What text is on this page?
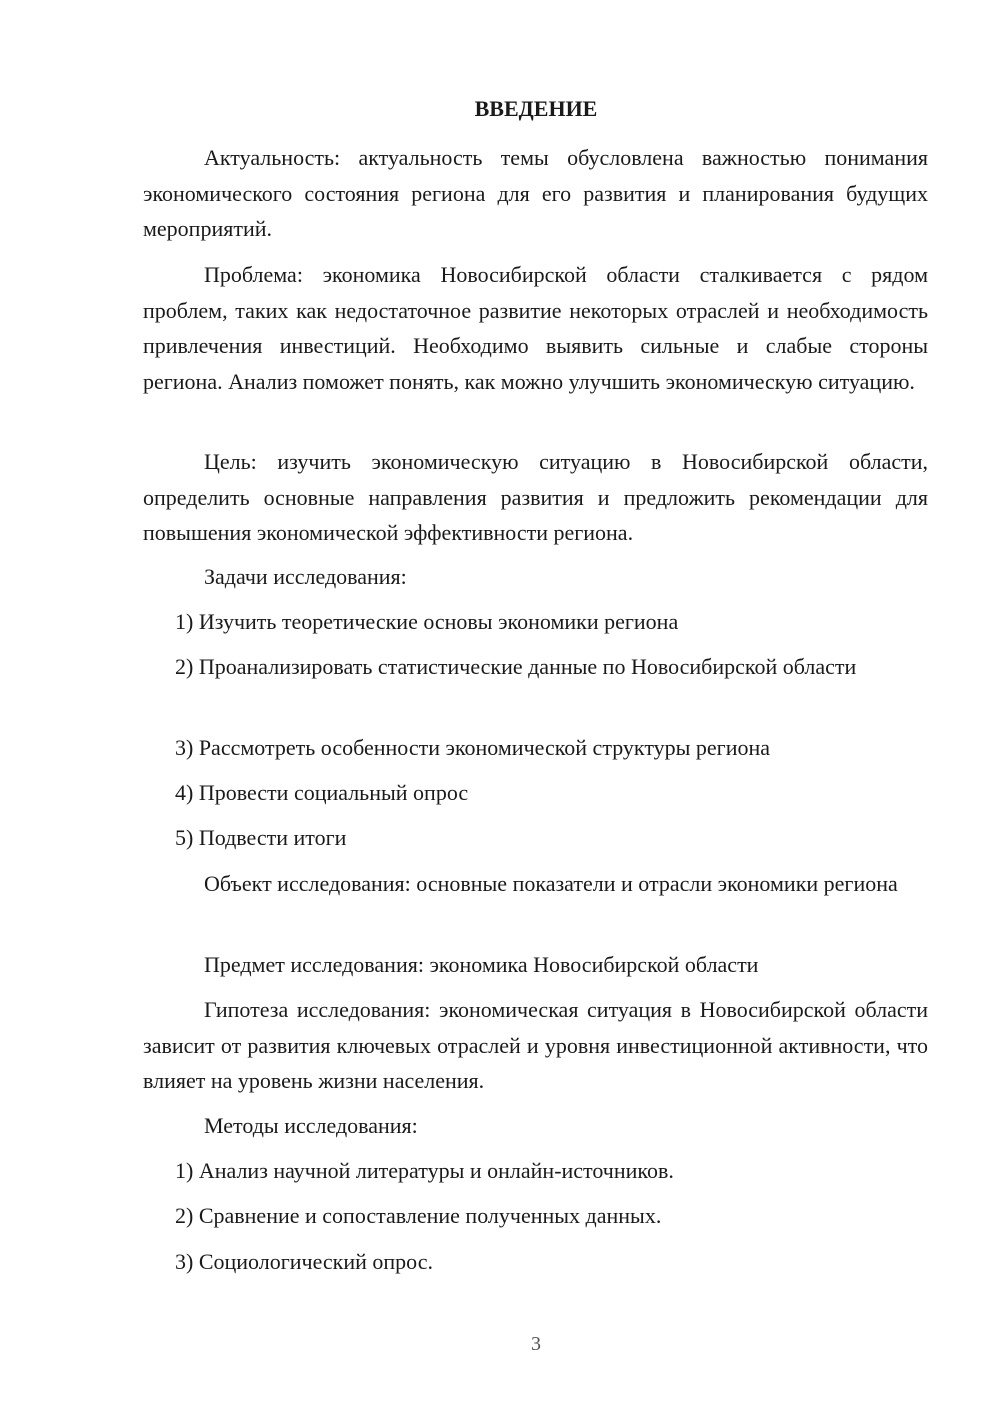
ВВЕДЕНИЕ

Актуальность: актуальность темы обусловлена важностью понимания экономического состояния региона для его развития и планирования будущих мероприятий.

Проблема: экономика Новосибирской области сталкивается с рядом проблем, таких как недостаточное развитие некоторых отраслей и необходимость привлечения инвестиций. Необходимо выявить сильные и слабые стороны региона. Анализ поможет понять, как можно улучшить экономическую ситуацию.

Цель: изучить экономическую ситуацию в Новосибирской области, определить основные направления развития и предложить рекомендации для повышения экономической эффективности региона.

Задачи исследования:

1) Изучить теоретические основы экономики региона

2) Проанализировать статистические данные по Новосибирской области

3) Рассмотреть особенности экономической структуры региона

4) Провести социальный опрос

5) Подвести итоги

Объект исследования: основные показатели и отрасли экономики региона

Предмет исследования: экономика Новосибирской области

Гипотеза исследования: экономическая ситуация в Новосибирской области зависит от развития ключевых отраслей и уровня инвестиционной активности, что влияет на уровень жизни населения.

Методы исследования:

1) Анализ научной литературы и онлайн-источников.

2) Сравнение и сопоставление полученных данных.

3) Социологический опрос.

3
